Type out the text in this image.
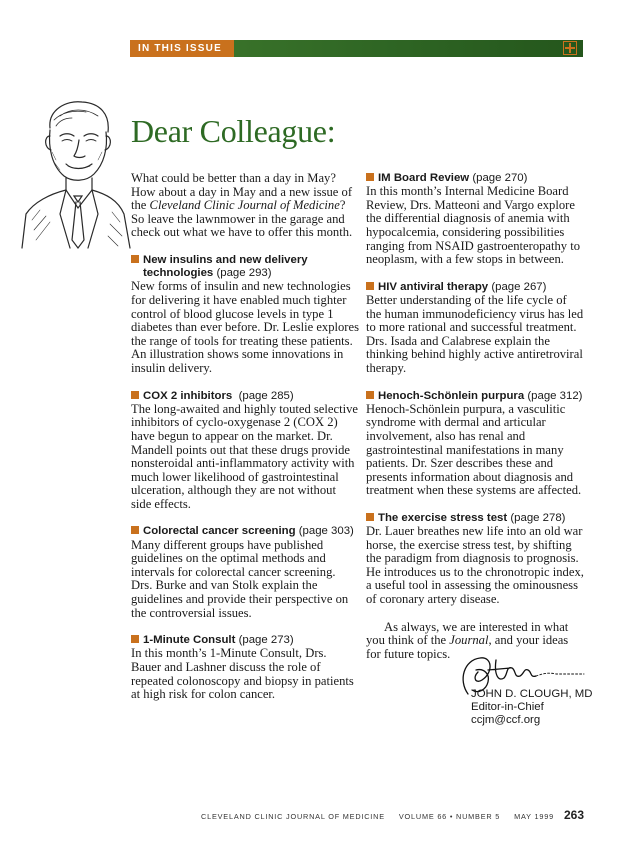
IN THIS ISSUE
Dear Colleague:

What could be better than a day in May? How about a day in May and a new issue of the Cleveland Clinic Journal of Medicine? So leave the lawnmower in the garage and check out what we have to offer this month.

New insulins and new delivery technologies (page 293)

New forms of insulin and new technologies for delivering it have enabled much tighter control of blood glucose levels in type 1 diabetes than ever before. Dr. Leslie explores the range of tools for treating these patients. An illustration shows some innovations in insulin delivery.

COX 2 inhibitors (page 285)

The long-awaited and highly touted selective inhibitors of cyclo-oxygenase 2 (COX 2) have begun to appear on the market. Dr. Mandell points out that these drugs provide nonsteroidal anti-inflammatory activity with much lower likelihood of gastrointestinal ulceration, although they are not without side effects.

Colorectal cancer screening (page 303)

Many different groups have published guidelines on the optimal methods and intervals for colorectal cancer screening. Drs. Burke and van Stolk explain the guidelines and provide their perspective on the controversial issues.

1-Minute Consult (page 273)

In this month’s 1-Minute Consult, Drs. Bauer and Lashner discuss the role of repeated colonoscopy and biopsy in patients at high risk for colon cancer.

IM Board Review (page 270)

In this month’s Internal Medicine Board Review, Drs. Matteoni and Vargo explore the differential diagnosis of anemia with hypocalcemia, considering possibilities ranging from NSAID gastroenteropathy to neoplasm, with a few stops in between.

HIV antiviral therapy (page 267)

Better understanding of the life cycle of the human immunodeficiency virus has led to more rational and successful treatment. Drs. Isada and Calabrese explain the thinking behind highly active antiretroviral therapy.

Henoch-Schönlein purpura (page 312)

Henoch-Schönlein purpura, a vasculitic syndrome with dermal and articular involvement, also has renal and gastrointestinal manifestations in many patients. Dr. Szer describes these and presents information about diagnosis and treatment when these systems are affected.

The exercise stress test (page 278)

Dr. Lauer breathes new life into an old war horse, the exercise stress test, by shifting the paradigm from diagnosis to prognosis. He introduces us to the chronotropic index, a useful tool in assessing the ominousness of coronary artery disease.

As always, we are interested in what you think of the Journal, and your ideas for future topics.

JOHN D. CLOUGH, MD
Editor-in-Chief
ccjm@ccf.org
CLEVELAND CLINIC JOURNAL OF MEDICINE VOLUME 66 • NUMBER 5 MAY 1999 263
